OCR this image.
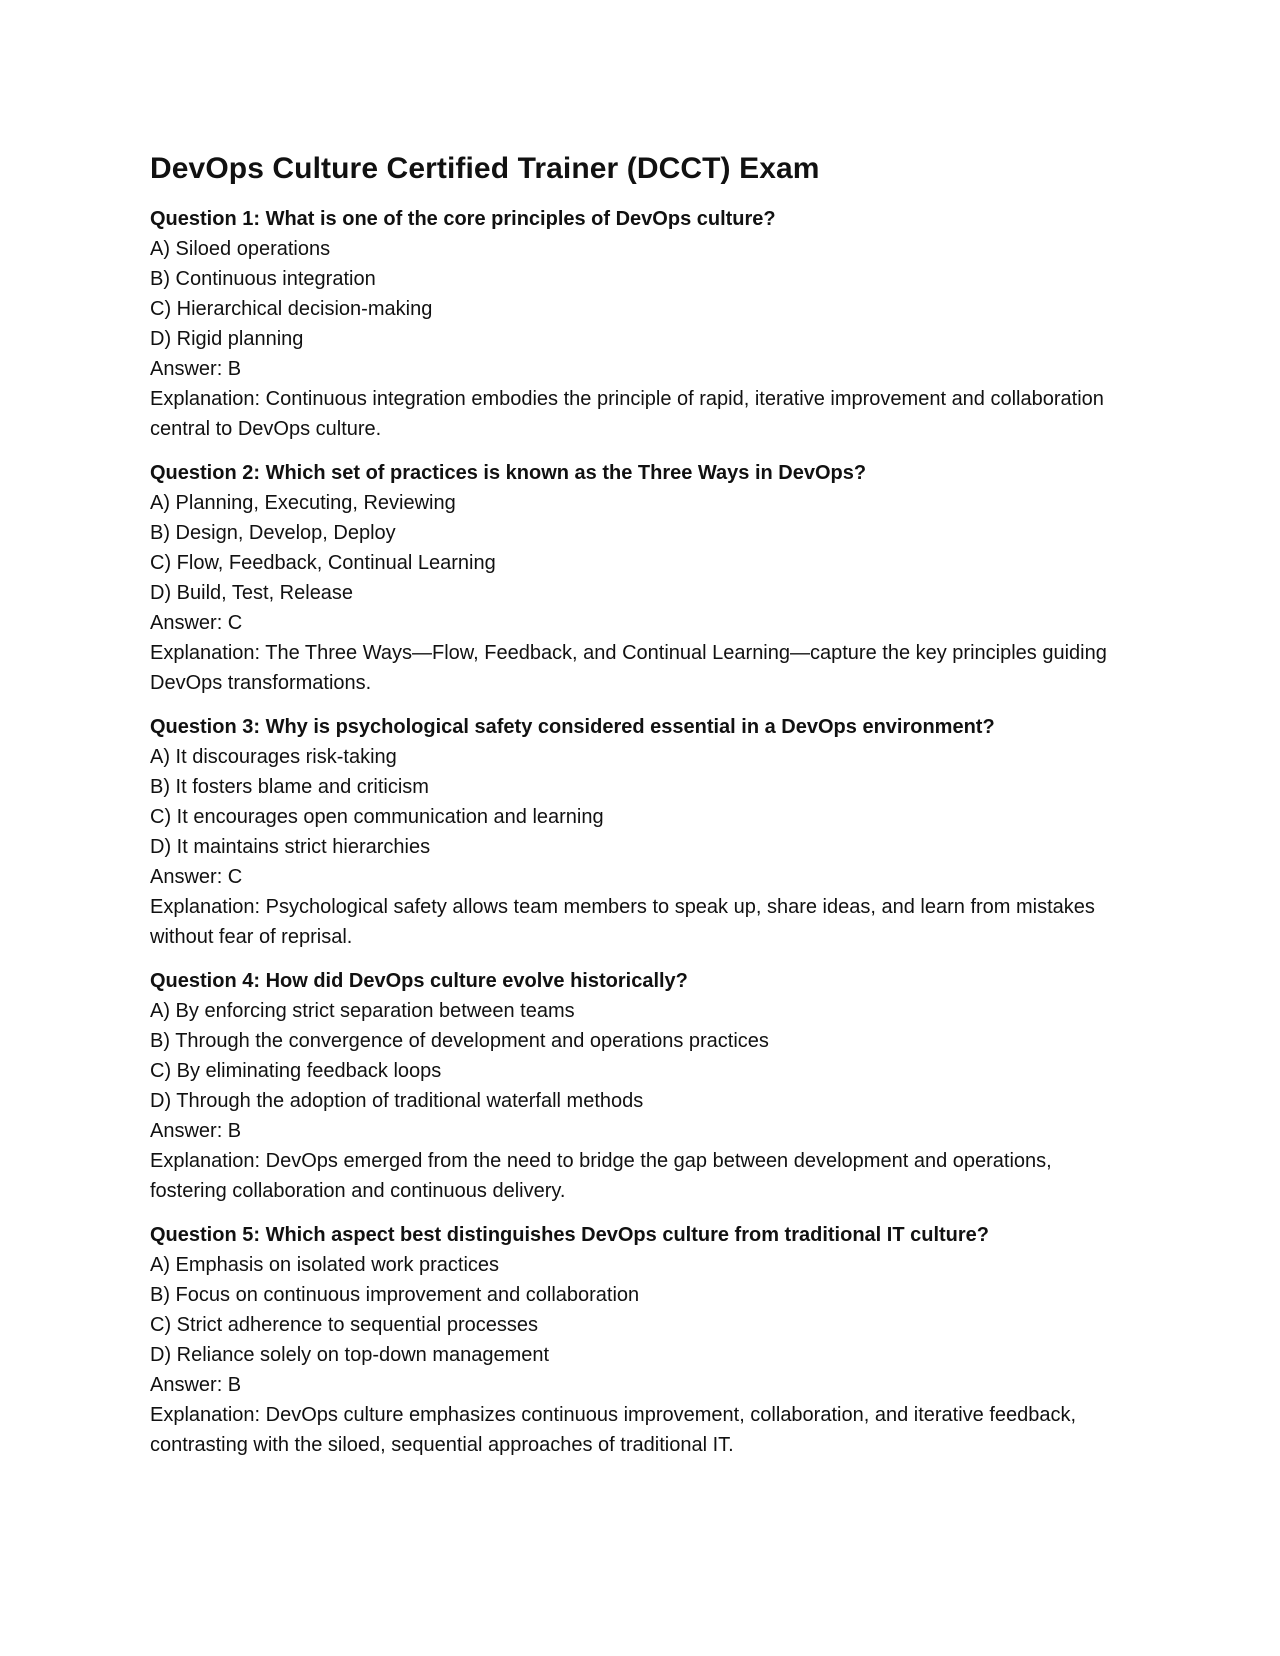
DevOps Culture Certified Trainer (DCCT) Exam

Question 1: What is one of the core principles of DevOps culture?

A) Siloed operations

B) Continuous integration

C) Hierarchical decision-making

D) Rigid planning

Answer: B

Explanation: Continuous integration embodies the principle of rapid, iterative improvement and collaboration central to DevOps culture.

Question 2: Which set of practices is known as the Three Ways in DevOps?

A) Planning, Executing, Reviewing

B) Design, Develop, Deploy

C) Flow, Feedback, Continual Learning

D) Build, Test, Release

Answer: C

Explanation: The Three Ways—Flow, Feedback, and Continual Learning—capture the key principles guiding DevOps transformations.

Question 3: Why is psychological safety considered essential in a DevOps environment?

A) It discourages risk-taking

B) It fosters blame and criticism

C) It encourages open communication and learning

D) It maintains strict hierarchies

Answer: C

Explanation: Psychological safety allows team members to speak up, share ideas, and learn from mistakes without fear of reprisal.

Question 4: How did DevOps culture evolve historically?

A) By enforcing strict separation between teams

B) Through the convergence of development and operations practices

C) By eliminating feedback loops

D) Through the adoption of traditional waterfall methods

Answer: B

Explanation: DevOps emerged from the need to bridge the gap between development and operations, fostering collaboration and continuous delivery.

Question 5: Which aspect best distinguishes DevOps culture from traditional IT culture?

A) Emphasis on isolated work practices

B) Focus on continuous improvement and collaboration

C) Strict adherence to sequential processes

D) Reliance solely on top-down management

Answer: B

Explanation: DevOps culture emphasizes continuous improvement, collaboration, and iterative feedback, contrasting with the siloed, sequential approaches of traditional IT.
